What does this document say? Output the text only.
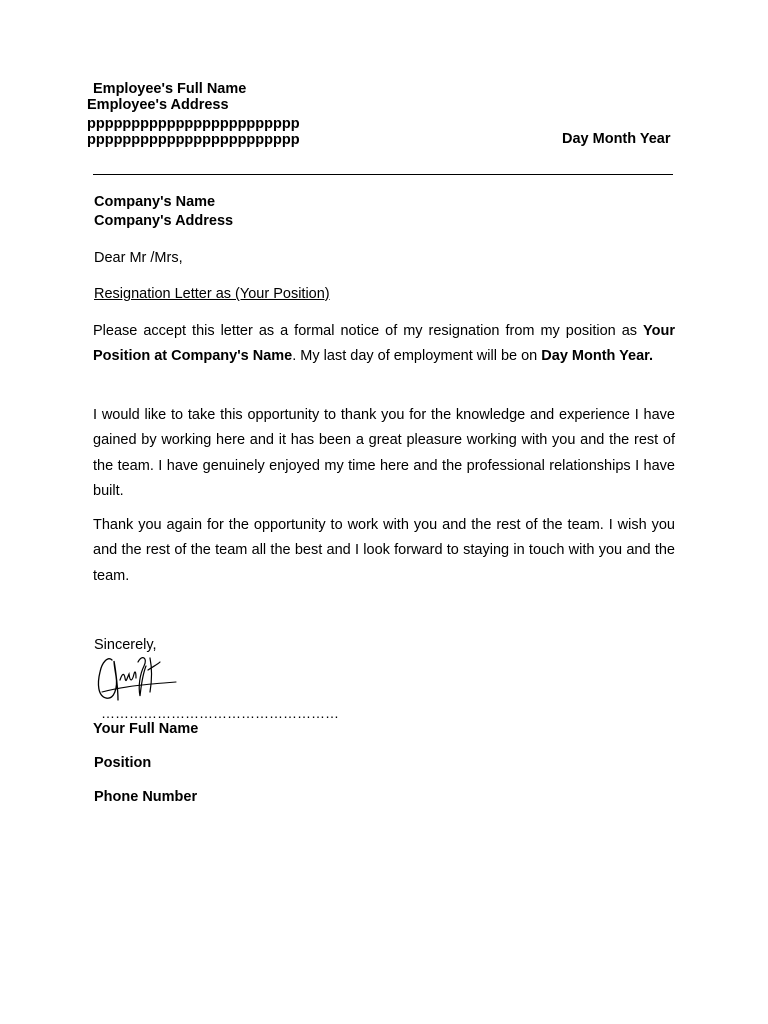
Employee's Full Name
Employee's Address
pppppppppppppppppppppppp
pppppppppppppppppppppppp	Day Month Year
Company's Name
Company's Address
Dear Mr /Mrs,
Resignation Letter as (Your Position)
Please accept this letter as a formal notice of my resignation from my position as Your Position at Company's Name. My last day of employment will be on Day Month Year.
I would like to take this opportunity to thank you for the knowledge and experience I have gained by working here and it has been a great pleasure working with you and the rest of the team. I have genuinely enjoyed my time here and the professional relationships I have built.
Thank you again for the opportunity to work with you and the rest of the team. I wish you and the rest of the team all the best and I look forward to staying in touch with you and the team.
Sincerely,
……………………………………………
Your Full Name
Position
Phone Number
